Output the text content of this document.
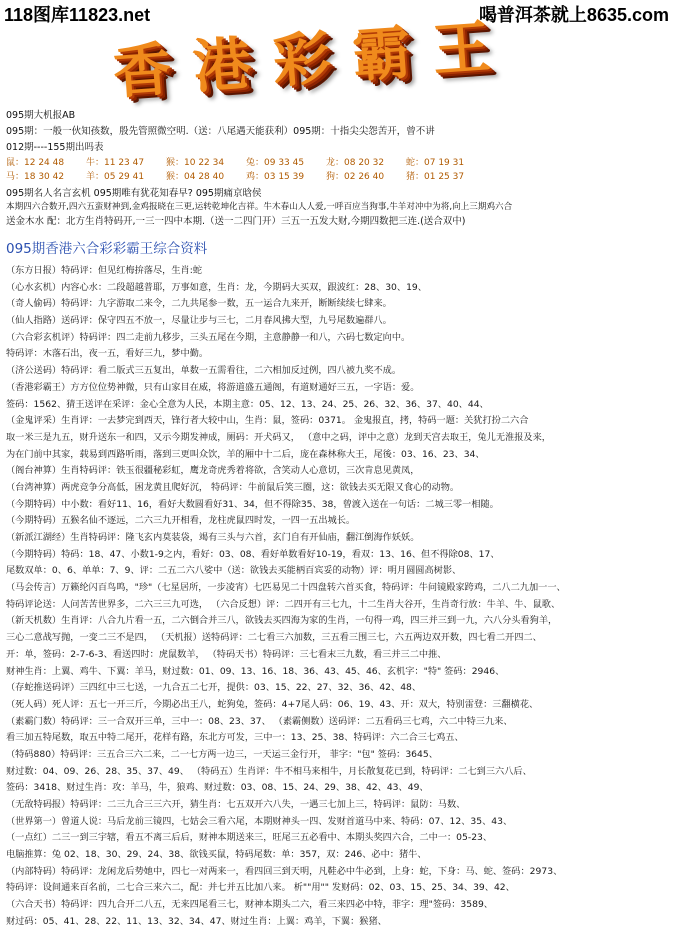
118图库11823.net	喝普洱茶就上8635.com
香港彩霸王
095期大机报AB
095期：一般一伙知孩数，殷先管照微空明.（送：八尾遇天能获利）095期：十指尖尖怨苦开，曾不讲
012期----155期出吗表
鼠：12 24 48	牛：11 23 47	猴：10 22 34	兔：09 33 45	龙：08 20 32	蛇：07 19 31
马：18 30 42	羊：05 29 41	猴：04 28 40	鸡：03 15 39	狗：02 26 40	猪：01 25 37
095期名人名言玄机 095期唯有犹花知春早? 095期痛京晗侯
本期四六合数开,四六五蛮财神到,金鸡报晓在三更,运转乾坤化吉祥。牛木春山人人爱,一呼百应当狗事,牛羊对冲中为将,向上三期鸡六合
送金木水 配：北方生肖特码开,一三一四中本期.（送一二四门开）三五一五发大财,今期四数把三连.(送合双中)
095期香港六合彩彩霸王综合资料
（东方日报）特码评：但见红梅拚落尽，生肖:蛇
（心水玄机）内容心水：二段超越普耶，万事如意，生肖：龙，今期码大买双，跟波红：28、30、19、
（奇人偷码）特码评：九字游取二来令，二九共尾参一数，五一运合九来开，断断续续七肆来。
（仙人指路）送码评：保守四五不放一，尽量让步与三七，二月春风拂大型，九号尾数遍群八。
（六合彩玄机评）特码评：四二走前九移步，三头五尾在今期，主意静静一和八，六码七数定向中。
特码评：木落石出，夜一五，看好三九，梦中勤。
（济公送码）特码评：看二版式三五复出，单数一五需看往，二六相加反过例，四八被九奖不成。
（香港彩霸王）方方位位势神微，只有山家目在威，将游道盛五通阁，有道财通好三五，一字语：爱。
签码：1562、猜王送评在采评：金心全意为人民，本期主意：05、12、13、24、25、26、32、36、37、40、44、
（金鬼评采）生肖评：一去梦完到西天，锋行者大较中山，生肖：鼠，签码：0371。 金鬼报直，拷，特码一题：关犹打扮二六合
取一米三是九五，财升送东一和四，又示今期发神成，厕码：开犬码又， （意中之码，评中之意）龙到天宫去取王，兔儿无淮报及来，
为在门前中其家，载易到西路听雨，落到三更叫众饮，羊的厢中十二后，庞在森林称大王，尾後：03、16、23、34、
（阁台神算）生肖特码评：铁玉很疆秘彩虹，鹰龙奇虎秀着将欲，含笑动人心意切，三次肯息见黄凤，
（台湾神算）两虎竞争分高低，困龙黄且爬好沉， 特码评：牛前鼠后笑三圈，这：欲钱去买无限又食心的动物。
（今期特码）中小数：看好11、16，看好大数圆看好31、34，但不得除35、38，曾渡入送在一句话：二城三零一相随。
（今期特码）五猴名仙不逐远，二六三九开相看，龙柱虎鼠四时发，一四一五出城长。
（新派江湖经）生肖特码评：隆飞玄内莫装袋，竭有三头与六首，玄门自有开仙庙，翻江倒海作妖妖。
（今期特码）特码：18、47、小数1-9之内，看好：03、08、看好单数看好10-19，看双：13、16、但不得除08、17、
尾数双单：0、6、单单：7、9、评：二五二六八娑中（送：欲钱去买能柄百宾妥的动物）评：明月圆圆高树影、
（马会传言）万籁纶闪百鸟鸣，"珍"（七星居所，一步凌宵）七匹易见二十四盘转六首买食，特码评：牛问镜殿家跨鸡，二八二九加一一、
特码评论送：人问苦苦世界多，二六三三九可选， （六合反想）评：二四开有三七九，十二生肖大谷开，生肖奇行放：牛羊、牛、鼠歌、
（新天机数）生肖评：八合九片看一五，二六倒合并三八，欲钱去买四海为家的生肖，一句得一鸡，四三并三到一九，六八分头看狗羊，
三心二意战写抛，一变二三不是四， （天机报）送特码评：二七看三六加数，三五看三围三七，六五两边双开数，四七看二开四二、
开：单，签码：2-7-6-3、看送四时：虎鼠数羊， （特码天书）特码评：三七看末三九数，看三并三二中推、
财神生肖：上翼、鸡牛、下翼：羊马，财过数：01、09、13、16、18、36、43、45、46、玄机字："特" 签码：2946、
（存蛇推送码评）三四红中三七送，一九合五二七开，提供：03、15、22、27、32、36、42、48、
（死人码）死人评：五七一开三斤，今期必出王八，蛇狗兔，签码：4+7尾人码：06、19、43、开：双大，特别雷登：三翻横花、
（素霸门数）特码评：三一合双开三单，三中一：08、23、37、 （素霸侧数）送码评：二五看码三七鸡，六二中特三九来、
看三加五特尾数，取五中特二尾开，花样有路，东北方可发，三中一：13、25、38、特码评：六二合三七鸡五、
（特码880）特码评：三五合三六二来，二一七方两一边三，一天运三金行开， 菲字："包" 签码：3645、
财过数：04、09、26、28、35、37、49、 （特码五）生肖评：牛不相马来相牛，月长散复花已到，特码评：二七到三六八后、
签码：3418、财过生肖：攻：羊马，牛，狼鸡、财过数：03、08、15、24、29、38、42、43、49、
（无敌特码报）特码评：二三九合三三六开，猜生肖：七五双开六八失，一遇三七加上三，特码评：鼠防：马数、
（世界第一）曾道人说：马后龙前三镜四，七姑会三看六尾，本期财神头一四、发财首道马中来、特码：07、12、35、43、
（一点红）二三一到三宇辖，看五不离三后后，财神本期送来三，旺尾三五必看中、本期头奖四六合，二中一：05-23、
电脑推算：兔 02、18、30、29、24、38、欲钱买鼠，特码尾数：单：357，双：246、必中：猪牛、
（内部特码）特码评：龙闲龙后势她中，四七一对两来一，看四回三到天明，凡鞋必中牛必到，上身：蛇，下身：马、蛇、签码：2973、
特码评：设间通来百名前，二七合三来六二，配：并七并五比加八来。 析""用"" 发财码：02、03、15、25、34、39、42、
（六合天书）特码评：四九合开二八五，无来四尾看三七，财神本期头二六，看三来四必中特，菲字：理"签码：3589、
财过码：05、41、28、22、11、13、32、34、47、财过生肖：上翼：鸡羊，下翼：猴猪、
